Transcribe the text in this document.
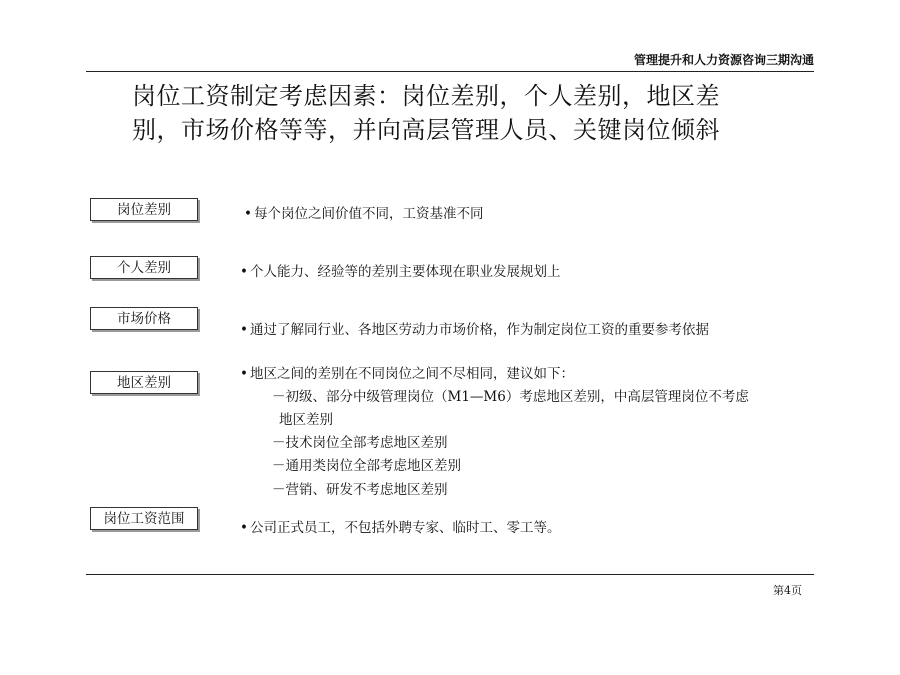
管理提升和人力资源咨询三期沟通
岗位工资制定考虑因素：岗位差别，个人差别，地区差
别，市场价格等等，并向高层管理人员、关键岗位倾斜
岗位差别	• 每个岗位之间价值不同，工资基准不同
个人差别	• 个人能力、经验等的差别主要体现在职业发展规划上
市场价格
• 通过了解同行业、各地区劳动力市场价格，作为制定岗位工资的重要参考依据
地区差别
• 地区之间的差别在不同岗位之间不尽相同，建议如下：
－初级、部分中级管理岗位（M1—M6）考虑地区差别，中高层管理岗位不考虑
地区差别
－技术岗位全部考虑地区差别
－通用类岗位全部考虑地区差别
－营销、研发不考虑地区差别
岗位工资范围
• 公司正式员工，不包括外聘专家、临时工、零工等。
第4页
